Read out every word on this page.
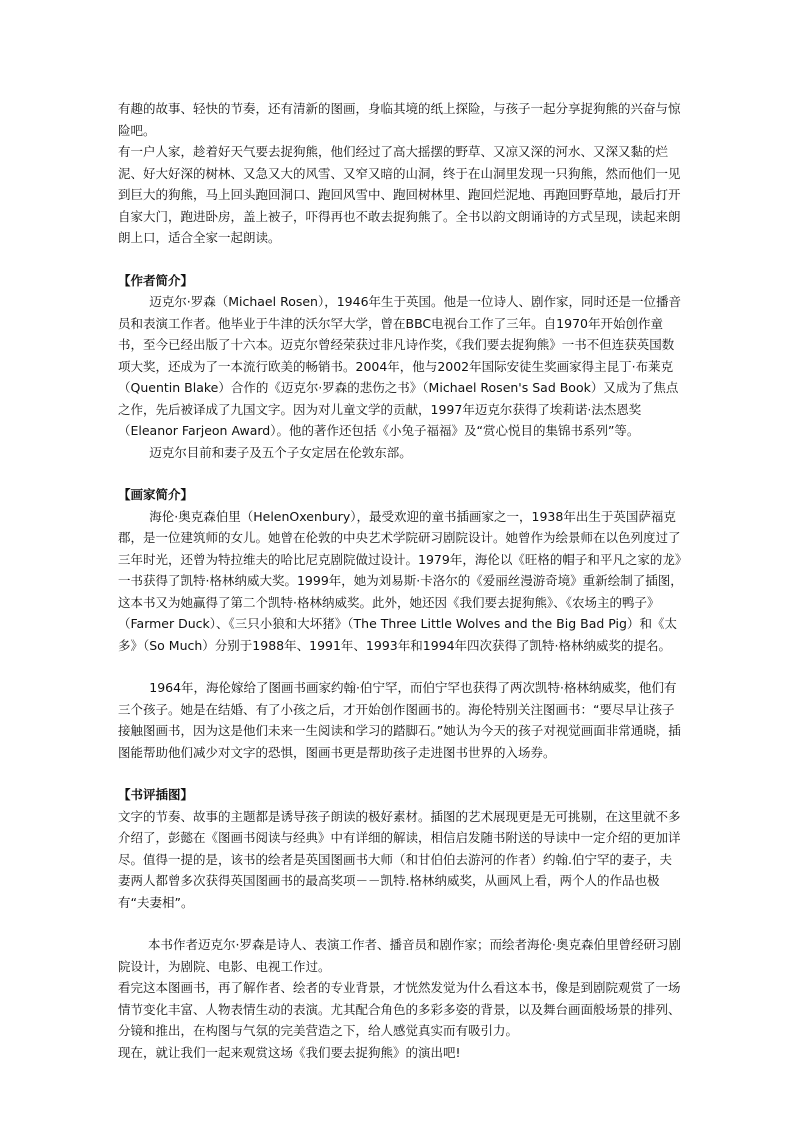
有趣的故事、轻快的节奏，还有清新的图画，身临其境的纸上探险，与孩子一起分享捉狗熊的兴奋与惊险吧。

有一户人家，趁着好天气要去捉狗熊，他们经过了高大摇摆的野草、又凉又深的河水、又深又黏的烂泥、好大好深的树林、又急又大的风雪、又窄又暗的山洞，终于在山洞里发现一只狗熊，然而他们一见到巨大的狗熊，马上回头跑回洞口、跑回风雪中、跑回树林里、跑回烂泥地、再跑回野草地，最后打开自家大门，跑进卧房，盖上被子，吓得再也不敢去捉狗熊了。全书以韵文朗诵诗的方式呈现，读起来朗朗上口，适合全家一起朗读。

【作者简介】

迈克尔·罗森（Michael Rosen），1946年生于英国。他是一位诗人、剧作家，同时还是一位播音员和表演工作者。他毕业于牛津的沃尔罕大学，曾在BBC电视台工作了三年。自1970年开始创作童书，至今已经出版了十六本。迈克尔曾经荣获过非凡诗作奖，《我们要去捉狗熊》一书不但连获英国数项大奖，还成为了一本流行欧美的畅销书。2004年，他与2002年国际安徒生奖画家得主昆丁·布莱克（Quentin Blake）合作的《迈克尔·罗森的悲伤之书》（Michael Rosen's Sad Book）又成为了焦点之作，先后被译成了九国文字。因为对儿童文学的贡献，1997年迈克尔获得了埃莉诺·法杰恩奖（Eleanor Farjeon Award）。他的著作还包括《小兔子福福》及“赏心悦目的集锦书系列”等。

迈克尔目前和妻子及五个子女定居在伦敦东部。

【画家简介】

海伦·奥克森伯里（HelenOxenbury），最受欢迎的童书插画家之一，1938年出生于英国萨福克郡，是一位建筑师的女儿。她曾在伦敦的中央艺术学院研习剧院设计。她曾作为绘景师在以色列度过了三年时光，还曾为特拉维夫的哈比尼克剧院做过设计。1979年，海伦以《旺格的帽子和平凡之家的龙》一书获得了凯特·格林纳威大奖。1999年，她为刘易斯·卡洛尔的《爱丽丝漫游奇境》重新绘制了插图，这本书又为她赢得了第二个凯特·格林纳威奖。此外，她还因《我们要去捉狗熊》、《农场主的鸭子》（Farmer Duck）、《三只小狼和大坏猪》（The Three Little Wolves and the Big Bad Pig）和《太多》（So Much）分别于1988年、1991年、1993年和1994年四次获得了凯特·格林纳威奖的提名。

1964年，海伦嫁给了图画书画家约翰·伯宁罕，而伯宁罕也获得了两次凯特·格林纳威奖，他们有三个孩子。她是在结婚、有了小孩之后，才开始创作图画书的。海伦特别关注图画书：“要尽早让孩子接触图画书，因为这是他们未来一生阅读和学习的踏脚石。”她认为今天的孩子对视觉画面非常通晓，插图能帮助他们减少对文字的恐惧，图画书更是帮助孩子走进图书世界的入场券。

【书评插图】

文字的节奏、故事的主题都是诱导孩子朗读的极好素材。插图的艺术展现更是无可挑剔，在这里就不多介绍了，彭懿在《图画书阅读与经典》中有详细的解读，相信启发随书附送的导读中一定介绍的更加详尽。值得一提的是，该书的绘者是英国图画书大师（和甘伯伯去游河的作者）约翰.伯宁罕的妻子，夫妻两人都曾多次获得英国图画书的最高奖项－－凯特.格林纳威奖，从画风上看，两个人的作品也极有“夫妻相”。

本书作者迈克尔·罗森是诗人、表演工作者、播音员和剧作家；而绘者海伦·奥克森伯里曾经研习剧院设计，为剧院、电影、电视工作过。

看完这本图画书，再了解作者、绘者的专业背景，才恍然发觉为什么看这本书，像是到剧院观赏了一场情节变化丰富、人物表情生动的表演。尤其配合角色的多彩多姿的背景，以及舞台画面般场景的排列、分镜和推出，在构图与气氛的完美营造之下，给人感觉真实而有吸引力。

现在，就让我们一起来观赏这场《我们要去捉狗熊》的演出吧!
